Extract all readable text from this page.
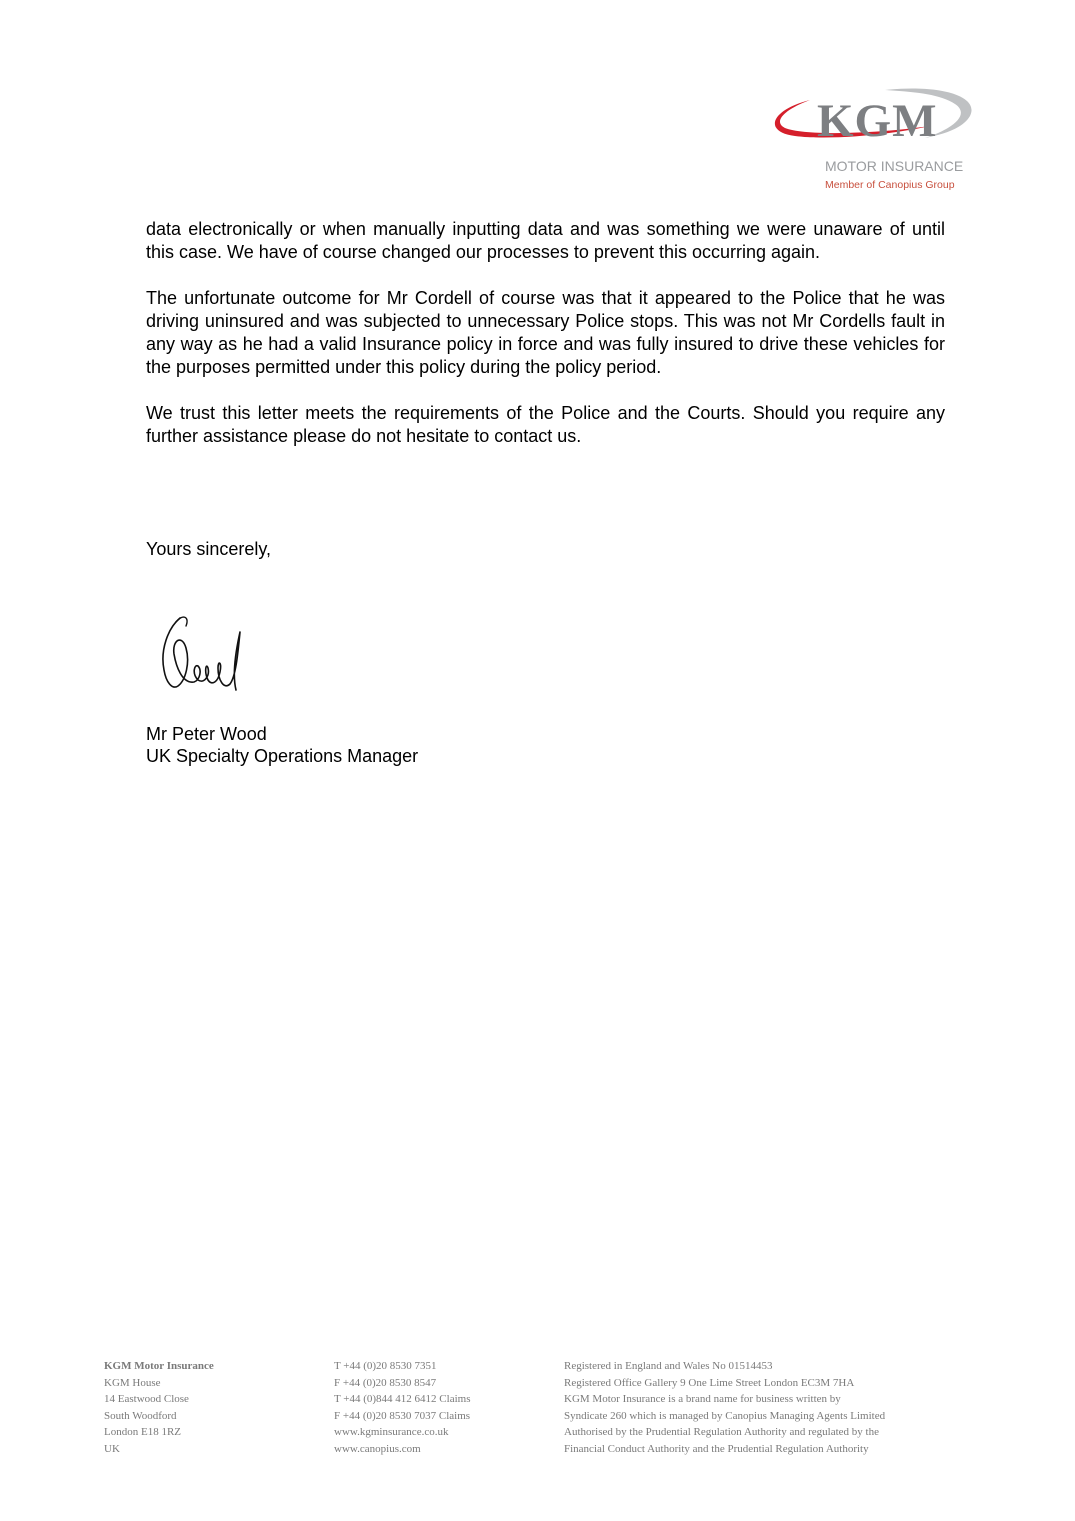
KGM
MOTOR INSURANCE
Member of Canopius Group

data electronically or when manually inputting data and was something we were unaware of until this case. We have of course changed our processes to prevent this occurring again.

The unfortunate outcome for Mr Cordell of course was that it appeared to the Police that he was driving uninsured and was subjected to unnecessary Police stops. This was not Mr Cordells fault in any way as he had a valid Insurance policy in force and was fully insured to drive these vehicles for the purposes permitted under this policy during the policy period.

We trust this letter meets the requirements of the Police and the Courts. Should you require any further assistance please do not hesitate to contact us.

Yours sincerely,
Mr Peter Wood
UK Specialty Operations Manager
KGM Motor Insurance
KGM House
14 Eastwood Close
South Woodford
London E18 1RZ
UK
T +44 (0)20 8530 7351
F +44 (0)20 8530 8547
T +44 (0)844 412 6412 Claims
F +44 (0)20 8530 7037 Claims
www.kgminsurance.co.uk
www.canopius.com
Registered in England and Wales No 01514453
Registered Office Gallery 9 One Lime Street London EC3M 7HA
KGM Motor Insurance is a brand name for business written by
Syndicate 260 which is managed by Canopius Managing Agents Limited
Authorised by the Prudential Regulation Authority and regulated by the
Financial Conduct Authority and the Prudential Regulation Authority
